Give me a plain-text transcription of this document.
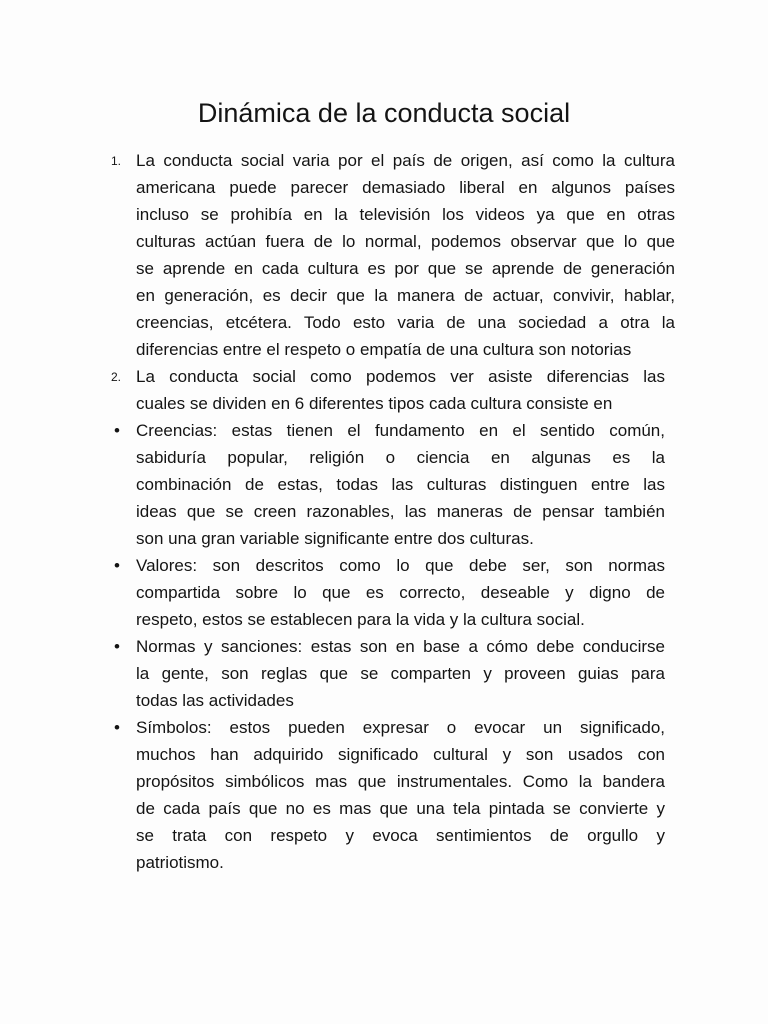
Dinámica de la conducta social
1. La conducta social varia por el país de origen, así como la cultura
americana puede parecer demasiado liberal en algunos países
incluso se prohibía en la televisión los videos ya que en otras
culturas actúan fuera de lo normal, podemos observar que lo que
se aprende en cada cultura es por que se aprende de generación
en generación, es decir que la manera de actuar, convivir, hablar,
creencias, etcétera. Todo esto varia de una sociedad a otra la
diferencias entre el respeto o empatía de una cultura son notorias
2. La conducta social como podemos ver asiste diferencias las
cuales se dividen en 6 diferentes tipos cada cultura consiste en
• Creencias: estas tienen el fundamento en el sentido común,
sabiduría popular, religión o ciencia en algunas es la
combinación de estas, todas las culturas distinguen entre las
ideas que se creen razonables, las maneras de pensar también
son una gran variable significante entre dos culturas.
• Valores: son descritos como lo que debe ser, son normas
compartida sobre lo que es correcto, deseable y digno de
respeto, estos se establecen para la vida y la cultura social.
• Normas y sanciones: estas son en base a cómo debe conducirse
la gente, son reglas que se comparten y proveen guias para
todas las actividades
• Símbolos: estos pueden expresar o evocar un significado,
muchos han adquirido significado cultural y son usados con
propósitos simbólicos mas que instrumentales. Como la bandera
de cada país que no es mas que una tela pintada se convierte y
se trata con respeto y evoca sentimientos de orgullo y
patriotismo.
